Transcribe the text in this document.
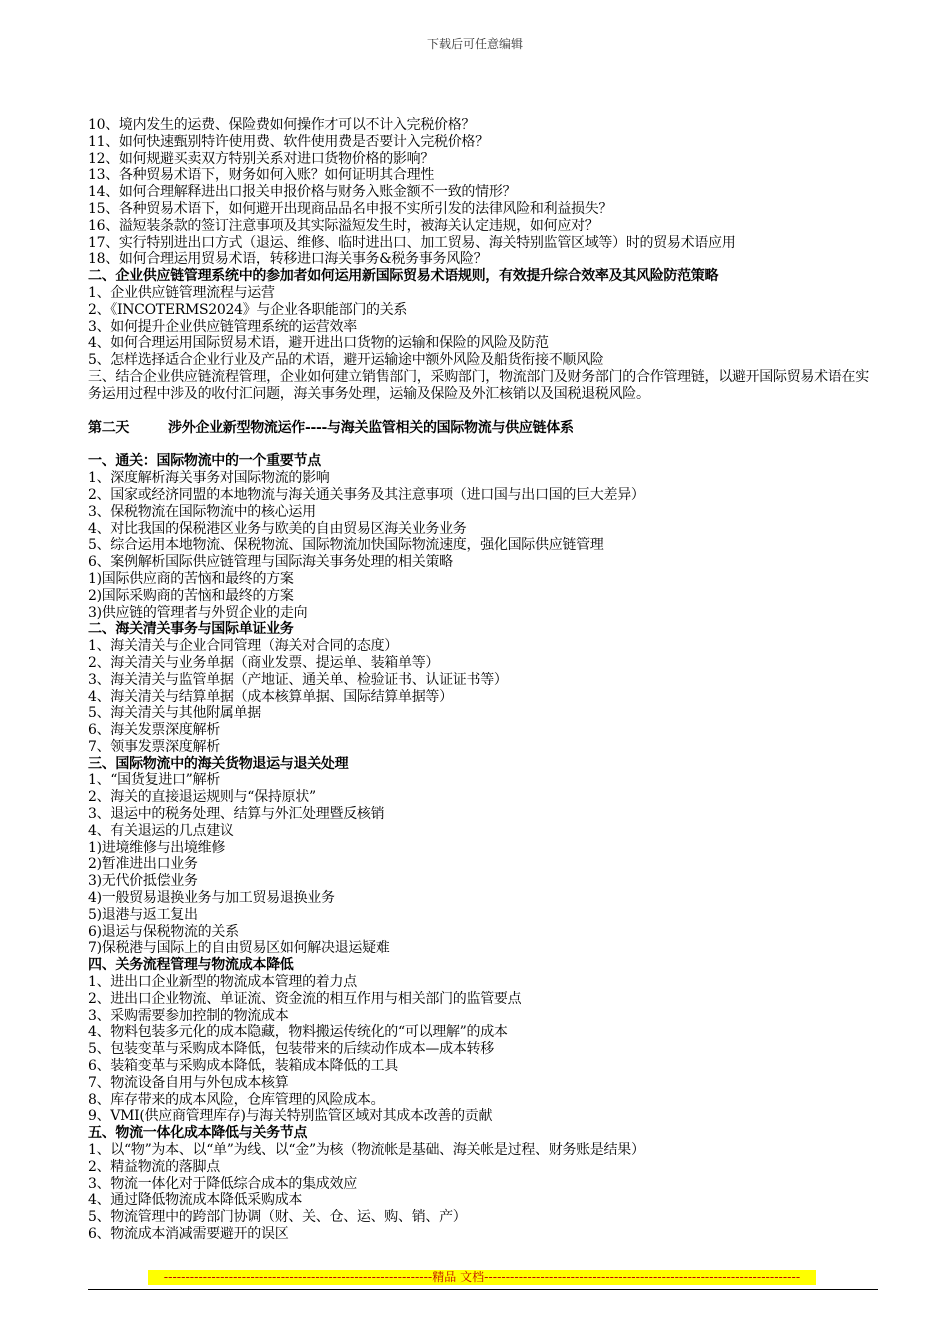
下载后可任意编辑
10、境内发生的运费、保险费如何操作才可以不计入完税价格？
11、如何快速甄别特许使用费、软件使用费是否要计入完税价格？
12、如何规避买卖双方特别关系对进口货物价格的影响？
13、各种贸易术语下，财务如何入账？如何证明其合理性
14、如何合理解释进出口报关申报价格与财务入账金额不一致的情形？
15、各种贸易术语下，如何避开出现商品品名申报不实所引发的法律风险和利益损失？
16、溢短装条款的签订注意事项及其实际溢短发生时，被海关认定违规，如何应对？
17、实行特别进出口方式（退运、维修、临时进出口、加工贸易、海关特别监管区域等）时的贸易术语应用
18、如何合理运用贸易术语，转移进口海关事务&税务事务风险？
二、企业供应链管理系统中的参加者如何运用新国际贸易术语规则，有效提升综合效率及其风险防范策略
1、企业供应链管理流程与运营
2、《INCOTERMS2024》与企业各职能部门的关系
3、如何提升企业供应链管理系统的运营效率
4、如何合理运用国际贸易术语，避开进出口货物的运输和保险的风险及防范
5、怎样选择适合企业行业及产品的术语，避开运输途中额外风险及船货衔接不顺风险
三、结合企业供应链流程管理，企业如何建立销售部门，采购部门，物流部门及财务部门的合作管理链，以避开国际贸易术语在实务运用过程中涉及的收付汇问题，海关事务处理，运输及保险及外汇核销以及国税退税风险。
第二天	涉外企业新型物流运作----与海关监管相关的国际物流与供应链体系
一、通关：国际物流中的一个重要节点
1、深度解析海关事务对国际物流的影响
2、国家或经济同盟的本地物流与海关通关事务及其注意事项（进口国与出口国的巨大差异）
3、保税物流在国际物流中的核心运用
4、对比我国的保税港区业务与欧美的自由贸易区海关业务业务
5、综合运用本地物流、保税物流、国际物流加快国际物流速度，强化国际供应链管理
6、案例解析国际供应链管理与国际海关事务处理的相关策略
1)国际供应商的苦恼和最终的方案
2)国际采购商的苦恼和最终的方案
3)供应链的管理者与外贸企业的走向
二、海关清关事务与国际单证业务
1、海关清关与企业合同管理（海关对合同的态度）
2、海关清关与业务单据（商业发票、提运单、装箱单等）
3、海关清关与监管单据（产地证、通关单、检验证书、认证证书等）
4、海关清关与结算单据（成本核算单据、国际结算单据等）
5、海关清关与其他附属单据
6、海关发票深度解析
7、领事发票深度解析
三、国际物流中的海关货物退运与退关处理
1、“国货复进口”解析
2、海关的直接退运规则与“保持原状”
3、退运中的税务处理、结算与外汇处理暨反核销
4、有关退运的几点建议
1)进境维修与出境维修
2)暂准进出口业务
3)无代价抵偿业务
4)一般贸易退换业务与加工贸易退换业务
5)退港与返工复出
6)退运与保税物流的关系
7)保税港与国际上的自由贸易区如何解决退运疑难
四、关务流程管理与物流成本降低
1、进出口企业新型的物流成本管理的着力点
2、进出口企业物流、单证流、资金流的相互作用与相关部门的监管要点
3、采购需要参加控制的物流成本
4、物料包装多元化的成本隐藏，物料搬运传统化的“可以理解”的成本
5、包装变革与采购成本降低，包装带来的后续动作成本—成本转移
6、装箱变革与采购成本降低，装箱成本降低的工具
7、物流设备自用与外包成本核算
8、库存带来的成本风险，仓库管理的风险成本。
9、VMI(供应商管理库存)与海关特别监管区域对其成本改善的贡献
五、物流一体化成本降低与关务节点
1、以“物”为本、以“单”为线、以“金”为核（物流帐是基础、海关帐是过程、财务账是结果）
2、精益物流的落脚点
3、物流一体化对于降低综合成本的集成效应
4、通过降低物流成本降低采购成本
5、物流管理中的跨部门协调（财、关、仓、运、购、销、产）
6、物流成本消减需要避开的误区
--------------------------------------------------------------精品 文档-------------------------------------------------------------------------
